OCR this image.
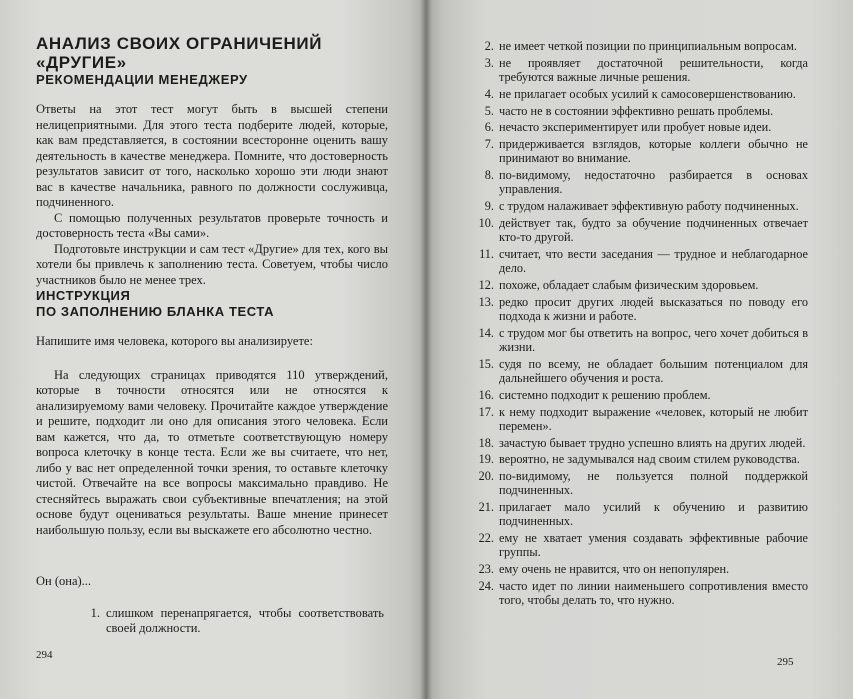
АНАЛИЗ СВОИХ ОГРАНИЧЕНИЙ
«ДРУГИЕ»
РЕКОМЕНДАЦИИ МЕНЕДЖЕРУ

Ответы на этот тест могут быть в высшей степени нелицеприятными. Для этого теста подберите людей, которые, как вам представляется, в состоянии всесторонне оценить вашу деятельность в качестве менеджера. Помните, что достоверность результатов зависит от того, насколько хорошо эти люди знают вас в качестве начальника, равного по должности сослуживца, подчиненного.

С помощью полученных результатов проверьте точность и достоверность теста «Вы сами».

Подготовьте инструкции и сам тест «Другие» для тех, кого вы хотели бы привлечь к заполнению теста. Советуем, чтобы число участников было не менее трех.

ИНСТРУКЦИЯ
ПО ЗАПОЛНЕНИЮ БЛАНКА ТЕСТА

Напишите имя человека, которого вы анализируете:

На следующих страницах приводятся 110 утверждений, которые в точности относятся или не относятся к анализируемому вами человеку. Прочитайте каждое утверждение и решите, подходит ли оно для описания этого человека. Если вам кажется, что да, то отметьте соответствующую номеру вопроса клеточку в конце теста. Если же вы считаете, что нет, либо у вас нет определенной точки зрения, то оставьте клеточку чистой. Отвечайте на все вопросы максимально правдиво. Не стесняйтесь выражать свои субъективные впечатления; на этой основе будут оцениваться результаты. Ваше мнение принесет наибольшую пользу, если вы выскажете его абсолютно честно.

Он (она)...

1. слишком перенапрягается, чтобы соответствовать своей должности.
294
2. не имеет четкой позиции по принципиальным вопросам.
3. не проявляет достаточной решительности, когда требуются важные личные решения.
4. не прилагает особых усилий к самосовершенствованию.
5. часто не в состоянии эффективно решать проблемы.
6. нечасто экспериментирует или пробует новые идеи.
7. придерживается взглядов, которые коллеги обычно не принимают во внимание.
8. по-видимому, недостаточно разбирается в основах управления.
9. с трудом налаживает эффективную работу подчиненных.
10. действует так, будто за обучение подчиненных отвечает кто-то другой.
11. считает, что вести заседания — трудное и неблагодарное дело.
12. похоже, обладает слабым физическим здоровьем.
13. редко просит других людей высказаться по поводу его подхода к жизни и работе.
14. с трудом мог бы ответить на вопрос, чего хочет добиться в жизни.
15. судя по всему, не обладает большим потенциалом для дальнейшего обучения и роста.
16. системно подходит к решению проблем.
17. к нему подходит выражение «человек, который не любит перемен».
18. зачастую бывает трудно успешно влиять на других людей.
19. вероятно, не задумывался над своим стилем руководства.
20. по-видимому, не пользуется полной поддержкой подчиненных.
21. прилагает мало усилий к обучению и развитию подчиненных.
22. ему не хватает умения создавать эффективные рабочие группы.
23. ему очень не нравится, что он непопулярен.
24. часто идет по линии наименьшего сопротивления вместо того, чтобы делать то, что нужно.
295
